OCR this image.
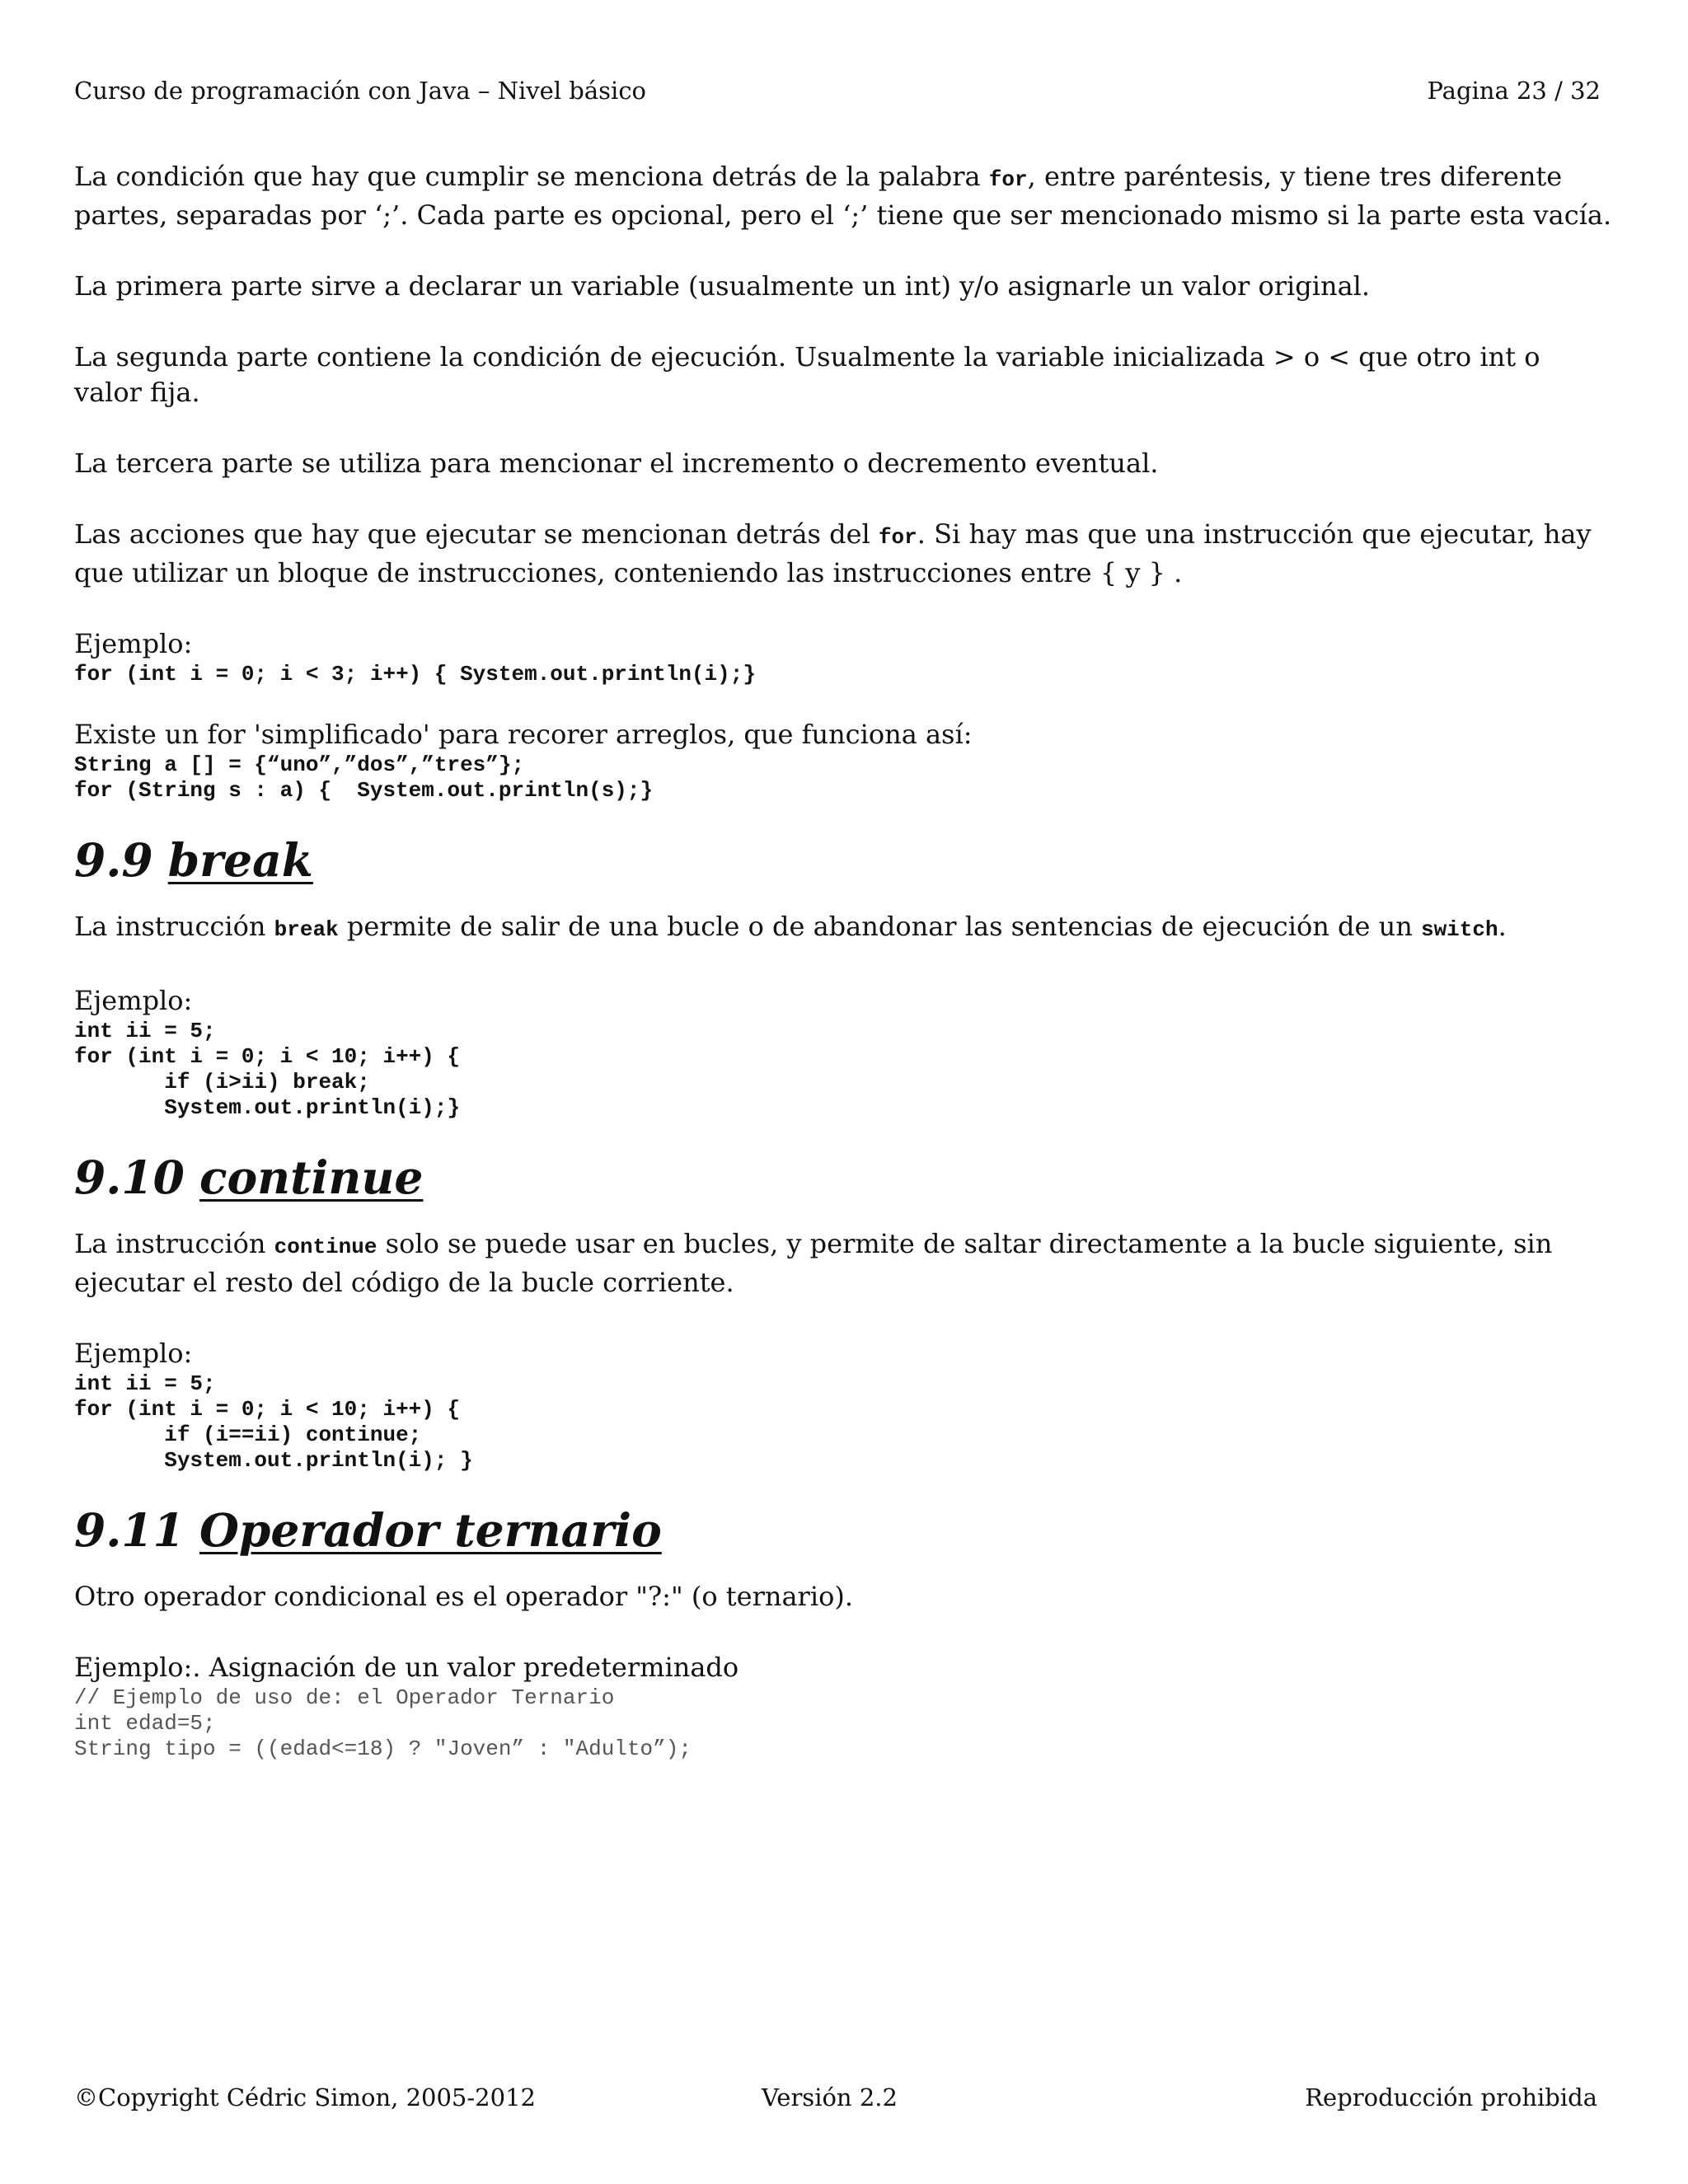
Curso de programación con Java – Nivel básico	Pagina 23 / 32

La condición que hay que cumplir se menciona detrás de la palabra for, entre paréntesis, y tiene tres diferente partes, separadas por ‘;’. Cada parte es opcional, pero el ‘;’ tiene que ser mencionado mismo si la parte esta vacía.

La primera parte sirve a declarar un variable (usualmente un int) y/o asignarle un valor original.

La segunda parte contiene la condición de ejecución. Usualmente la variable inicializada > o < que otro int o valor fija.

La tercera parte se utiliza para mencionar el incremento o decremento eventual.

Las acciones que hay que ejecutar se mencionan detrás del for. Si hay mas que una instrucción que ejecutar, hay que utilizar un bloque de instrucciones, conteniendo las instrucciones entre { y } .

Ejemplo:

for (int i = 0; i < 3; i++) { System.out.println(i);}

Existe un for 'simplificado' para recorer arreglos, que funciona así:

String a [] = {“uno”,”dos”,”tres”};
for (String s : a) {  System.out.println(s);}
9.9 break

La instrucción break permite de salir de una bucle o de abandonar las sentencias de ejecución de un switch.

Ejemplo:

int ii = 5;
for (int i = 0; i < 10; i++) {
if (i>ii) break;
System.out.println(i);}
9.10 continue

La instrucción continue solo se puede usar en bucles, y permite de saltar directamente a la bucle siguiente, sin ejecutar el resto del código de la bucle corriente.

Ejemplo:

int ii = 5;
for (int i = 0; i < 10; i++) {
if (i==ii) continue;
System.out.println(i); }
9.11 Operador ternario

Otro operador condicional es el operador "?:" (o ternario).

Ejemplo:. Asignación de un valor predeterminado

// Ejemplo de uso de: el Operador Ternario
int edad=5;
String tipo = ((edad<=18) ? "Joven” : "Adulto”);
©Copyright Cédric Simon, 2005-2012	Versión 2.2	Reproducción prohibida
